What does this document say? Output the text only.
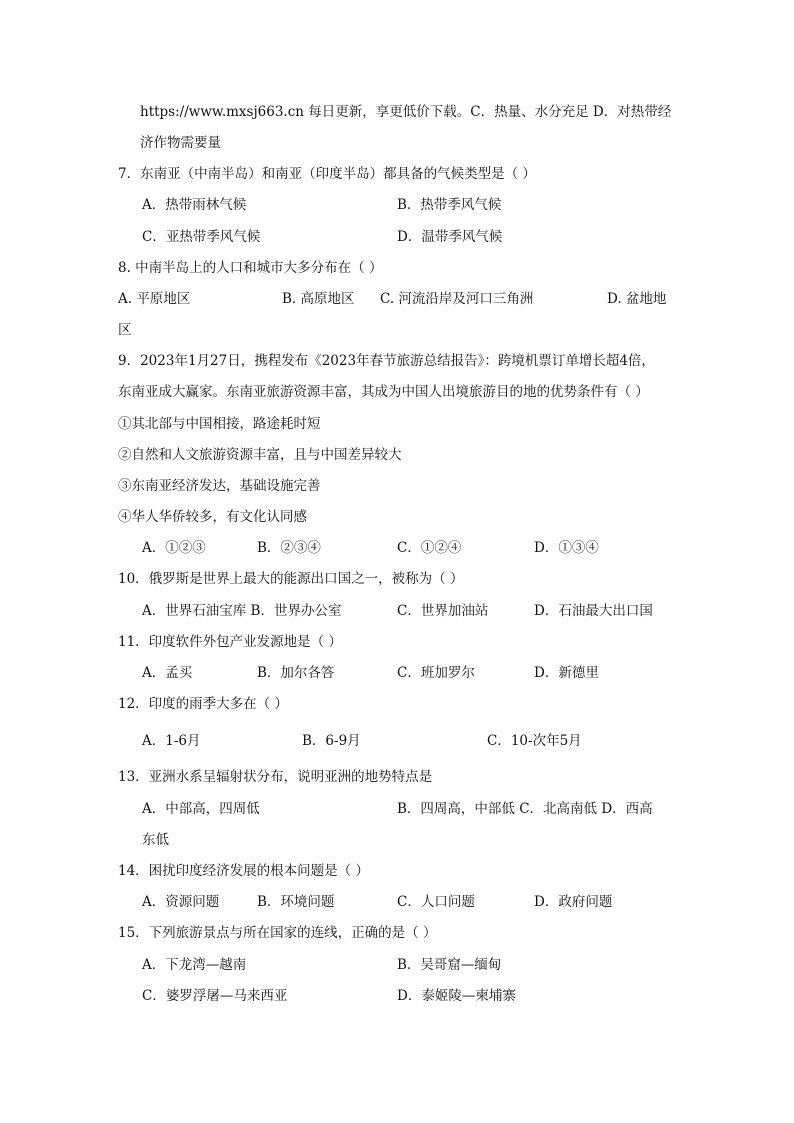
https://www.mxsj663.cn 每日更新，享更低价下载。C．热量、水分充足 D．对热带经
济作物需要量
7．东南亚（中南半岛）和南亚（印度半岛）都具备的气候类型是（ ）
A．热带雨林气候	B．热带季风气候
C．亚热带季风气候	D．温带季风气候
8. 中南半岛上的人口和城市大多分布在（ ）
A. 平原地区	B. 高原地区 C. 河流沿岸及河口三角洲	D. 盆地地
区
9．2023年1月27日，携程发布《2023年春节旅游总结报告》：跨境机票订单增长超4倍，
东南亚成大赢家。东南亚旅游资源丰富，其成为中国人出境旅游目的地的优势条件有（ ）
①其北部与中国相接，路途耗时短
②自然和人文旅游资源丰富，且与中国差异较大
③东南亚经济发达，基础设施完善
④华人华侨较多，有文化认同感
A．①②③	B．②③④	C．①②④	D．①③④
10．俄罗斯是世界上最大的能源出口国之一，被称为（ ）
A．世界石油宝库 B．世界办公室	C．世界加油站	D．石油最大出口国
11．印度软件外包产业发源地是（ ）
A．孟买	B．加尔各答	C．班加罗尔	D．新德里
12．印度的雨季大多在（ ）
A．1-6月	B．6-9月	C．10-次年5月
13．亚洲水系呈辐射状分布，说明亚洲的地势特点是
A．中部高，四周低	B．四周高，中部低 C．北高南低 D．西高
东低
14．困扰印度经济发展的根本问题是（ ）
A．资源问题	B．环境问题	C．人口问题	D．政府问题
15．下列旅游景点与所在国家的连线，正确的是（ ）
A．下龙湾—越南	B．吴哥窟—缅甸
C．婆罗浮屠—马来西亚	D．泰姬陵—柬埔寨
